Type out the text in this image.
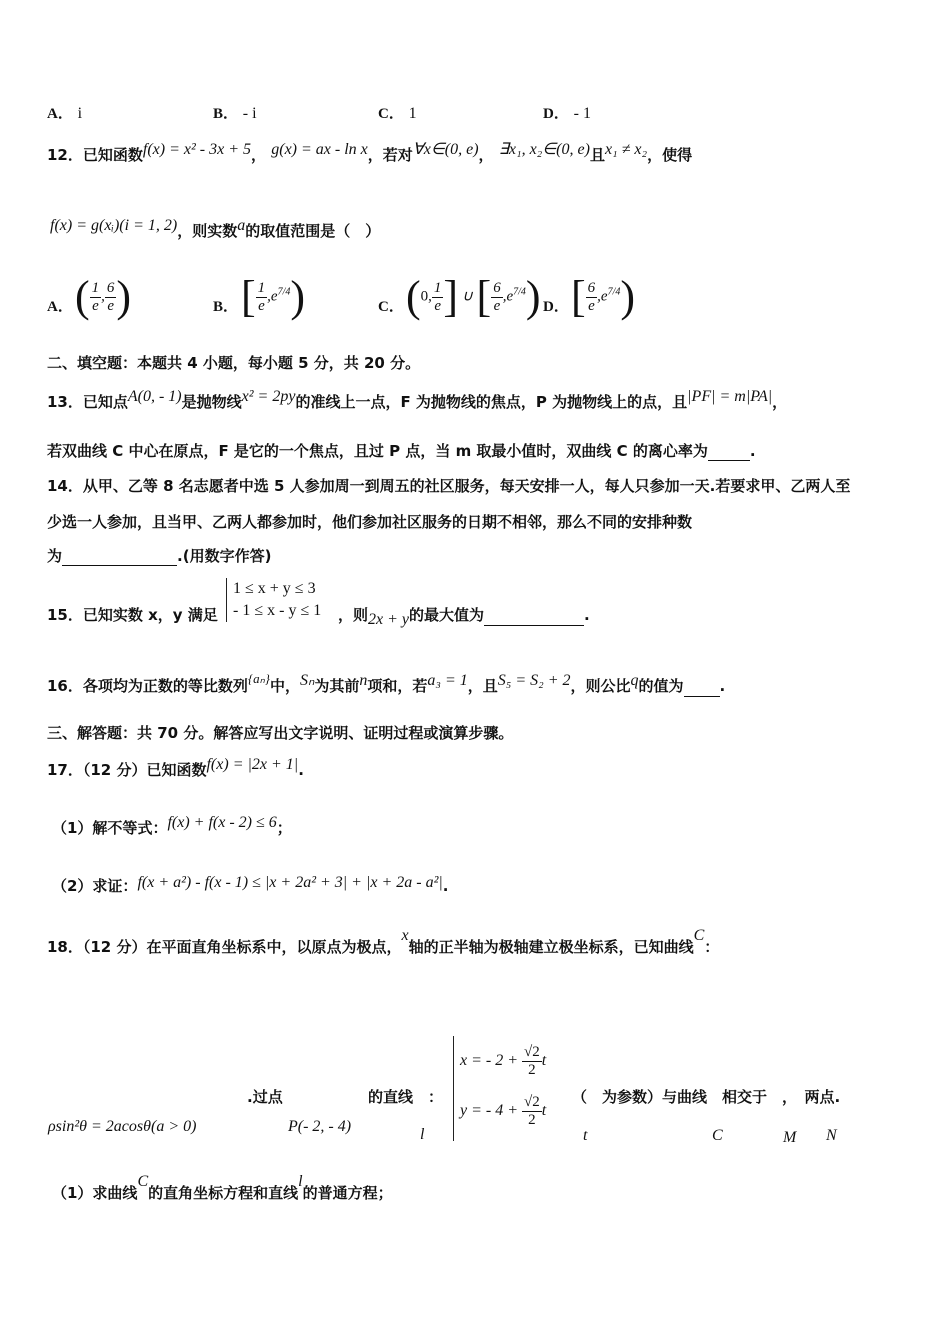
A． i	B． - i	C． 1	D． - 1
12．已知函数f(x) = x² - 3x + 5， g(x) = ax - ln x，若对∀x∈(0, e)， ∃x₁, x₂∈(0, e)且x₁ ≠ x₂，使得
f(x) = g(xᵢ)(i = 1, 2)，则实数a的取值范围是（　）
A． ( $\frac{1}{e}$ , $\frac{6}{e}$ )	B． [ $\frac{1}{e} ,e^{7/4}$)	C． (0, $\frac{1}{e}$ ] ∪ [ $\frac{6}{e} ,e^{7/4}$) D． [ $\frac{6}{e} ,e^{7/4}$)
二、填空题：本题共 4 小题，每小题 5 分，共 20 分。
13．已知点A(0, - 1)是抛物线x² = 2py的准线上一点，F 为抛物线的焦点，P 为抛物线上的点，且|PF| = m|PA|，
若双曲线 C 中心在原点，F 是它的一个焦点，且过 P 点，当 m 取最小值时，双曲线 C 的离心率为	.
14．从甲、乙等 8 名志愿者中选 5 人参加周一到周五的社区服务，每天安排一人，每人只参加一天.若要求甲、乙两人至
少选一人参加，且当甲、乙两人都参加时，他们参加社区服务的日期不相邻，那么不同的安排种数
为	.(用数字作答)
15．已知实数 x，y 满足
1 ≤ x + y ≤ 3
- 1 ≤ x - y ≤ 1 ，则2x + y的最大值为	.
16．各项均为正数的等比数列{aₙ}中，Sₙ为其前n项和，若a₃ = 1，且S₅ = S₂ + 2，则公比q的值为 .
三、解答题：共 70 分。解答应写出文字说明、证明过程或演算步骤。
17．（12 分）已知函数f(x) = |2x + 1|.
（1）解不等式：f(x) + f(x - 2) ≤ 6；
（2）求证：f(x + a²) - f(x - 1) ≤ |x + 2a² + 3| + |x + 2a - a²|.
18．（12 分）在平面直角坐标系中，以原点为极点，x轴的正半轴为极轴建立极坐标系，已知曲线C：
ρsin²θ = 2acosθ(a > 0)
.过点
P(- 2, - 4)
的直线　 ：
l
x = - $2 + \frac{√2}{2}$ t
y = - $4 + \frac{√2}{2}$ t
（　为参数）与曲线　相交于　，　两点.
t	C	M N
（1）求曲线C的直角坐标方程和直线l的普通方程；
